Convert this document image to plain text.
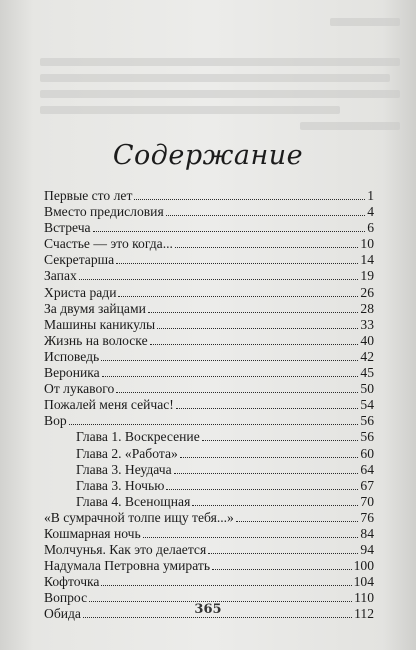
Содержание
Первые сто лет	1
Вместо предисловия	4
Встреча	6
Счастье — это когда...	10
Секретарша	14
Запах	19
Христа ради	26
За двумя зайцами	28
Машины каникулы	33
Жизнь на волоске	40
Исповедь	42
Вероника	45
От лукавого	50
Пожалей меня сейчас!	54
Вор	56
Глава 1. Воскресение	56
Глава 2. «Работа»	60
Глава 3. Неудача	64
Глава 3. Ночью	67
Глава 4. Всенощная	70
«В сумрачной толпе ищу тебя...»	76
Кошмарная ночь	84
Молчунья. Как это делается	94
Надумала Петровна умирать	100
Кофточка	104
Вопрос	110
Обида	112
365
